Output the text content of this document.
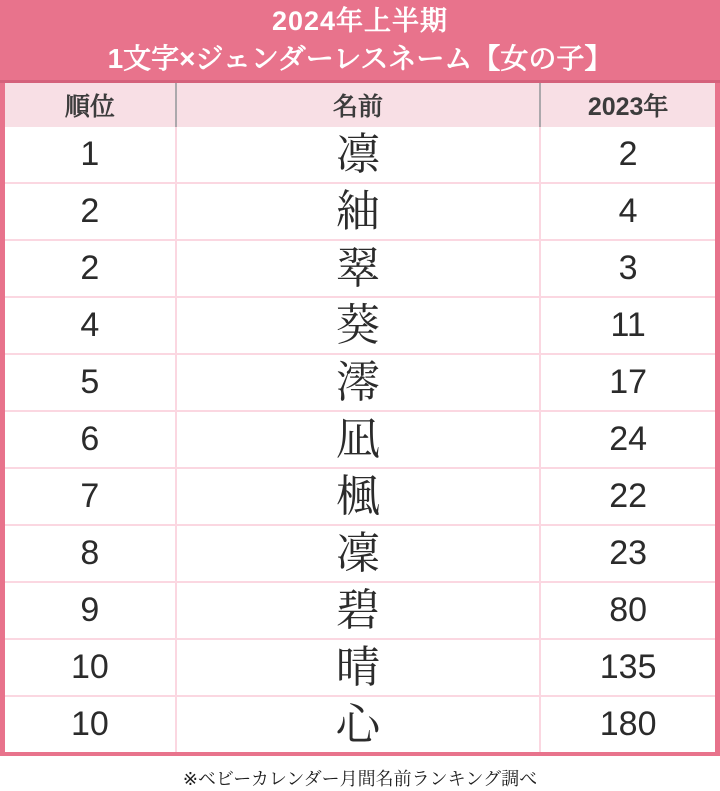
2024年上半期
1文字×ジェンダーレスネーム【女の子】
順位	名前	2023年
1	凛	2
2	紬	4
2	翠	3
4	葵	11
5	澪	17
6	凪	24
7	楓	22
8	凜	23
9	碧	80
10	晴	135
10	心	180
※ベビーカレンダー月間名前ランキング調べ
